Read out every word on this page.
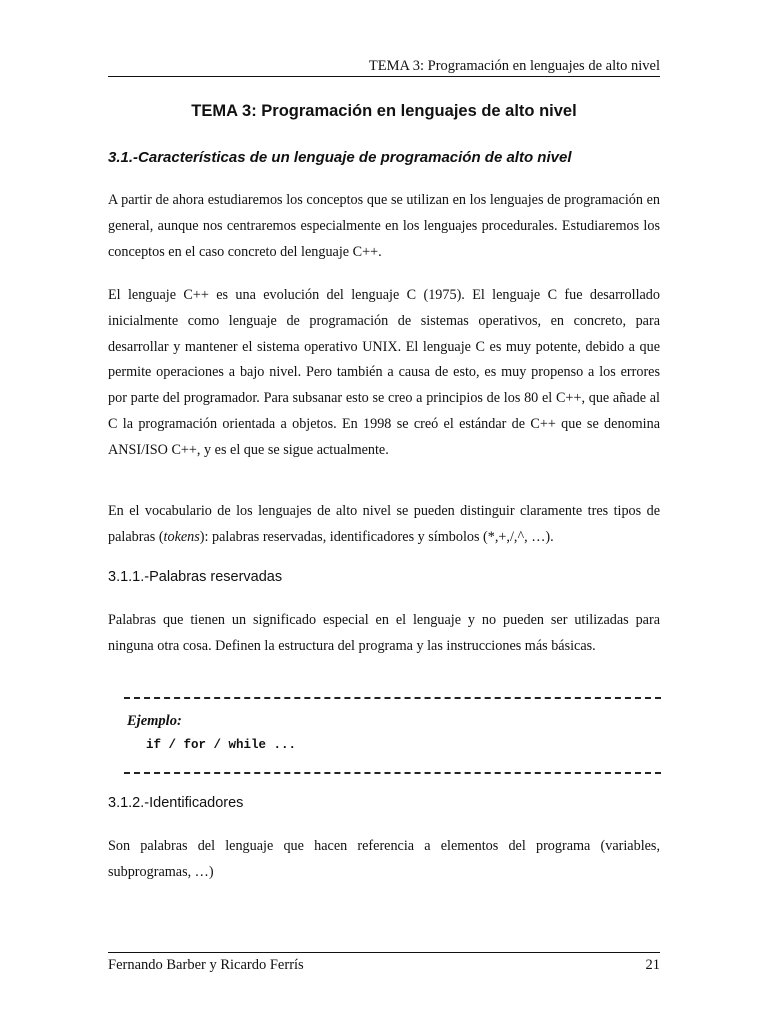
TEMA 3: Programación en lenguajes de alto nivel
TEMA 3: Programación en lenguajes de alto nivel
3.1.-Características de un lenguaje de programación de alto nivel

A partir de ahora estudiaremos los conceptos que se utilizan en los lenguajes de programación en general, aunque nos centraremos especialmente en los lenguajes procedurales. Estudiaremos los conceptos en el caso concreto del lenguaje C++.

El lenguaje C++ es una evolución del lenguaje C (1975). El lenguaje C fue desarrollado inicialmente como lenguaje de programación de sistemas operativos, en concreto, para desarrollar y mantener el sistema operativo UNIX. El lenguaje C es muy potente, debido a que permite operaciones a bajo nivel. Pero también a causa de esto, es muy propenso a los errores por parte del programador. Para subsanar esto se creo a principios de los 80 el C++, que añade al C la programación orientada a objetos. En 1998 se creó el estándar de C++ que se denomina ANSI/ISO C++, y es el que se sigue actualmente.

En el vocabulario de los lenguajes de alto nivel se pueden distinguir claramente tres tipos de palabras (tokens): palabras reservadas, identificadores y símbolos (*,+,/,^, …).

3.1.1.-Palabras reservadas

Palabras que tienen un significado especial en el lenguaje y no pueden ser utilizadas para ninguna otra cosa. Definen la estructura del programa y las instrucciones más básicas.

Ejemplo:
if / for / while ...
3.1.2.-Identificadores

Son palabras del lenguaje que hacen referencia a elementos del programa (variables, subprogramas, …)

Fernando Barber y Ricardo Ferrís	21
